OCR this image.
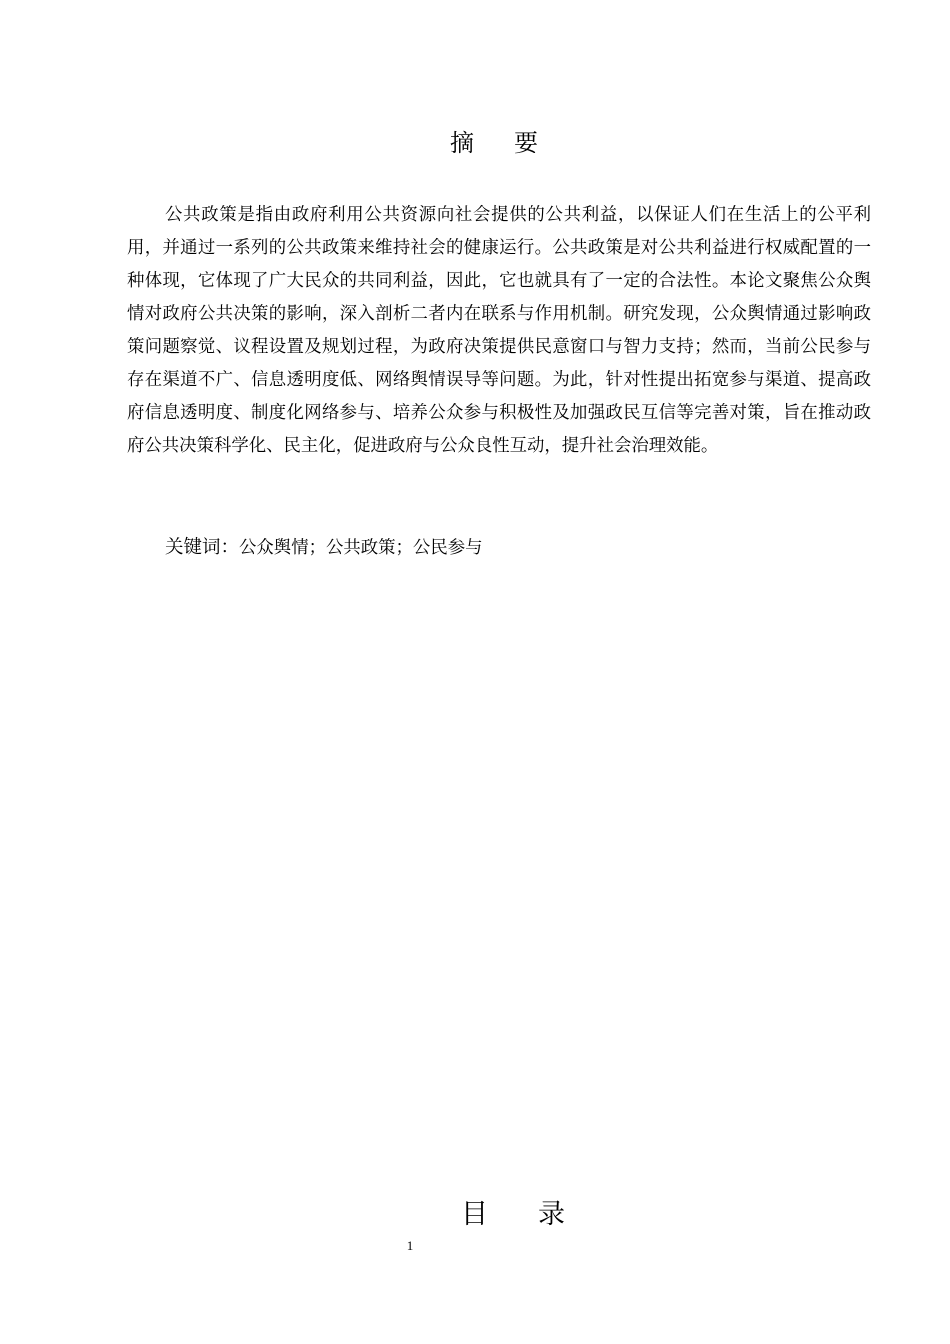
摘 要
公共政策是指由政府利用公共资源向社会提供的公共利益，以保证人们在生活上的公平利用，并通过一系列的公共政策来维持社会的健康运行。公共政策是对公共利益进行权威配置的一种体现，它体现了广大民众的共同利益，因此，它也就具有了一定的合法性。本论文聚焦公众舆情对政府公共决策的影响，深入剖析二者内在联系与作用机制。研究发现，公众舆情通过影响政策问题察觉、议程设置及规划过程，为政府决策提供民意窗口与智力支持；然而，当前公民参与存在渠道不广、信息透明度低、网络舆情误导等问题。为此，针对性提出拓宽参与渠道、提高政府信息透明度、制度化网络参与、培养公众参与积极性及加强政民互信等完善对策，旨在推动政府公共决策科学化、民主化，促进政府与公众良性互动，提升社会治理效能。
关键词：公众舆情；公共政策；公民参与
目 录
1
